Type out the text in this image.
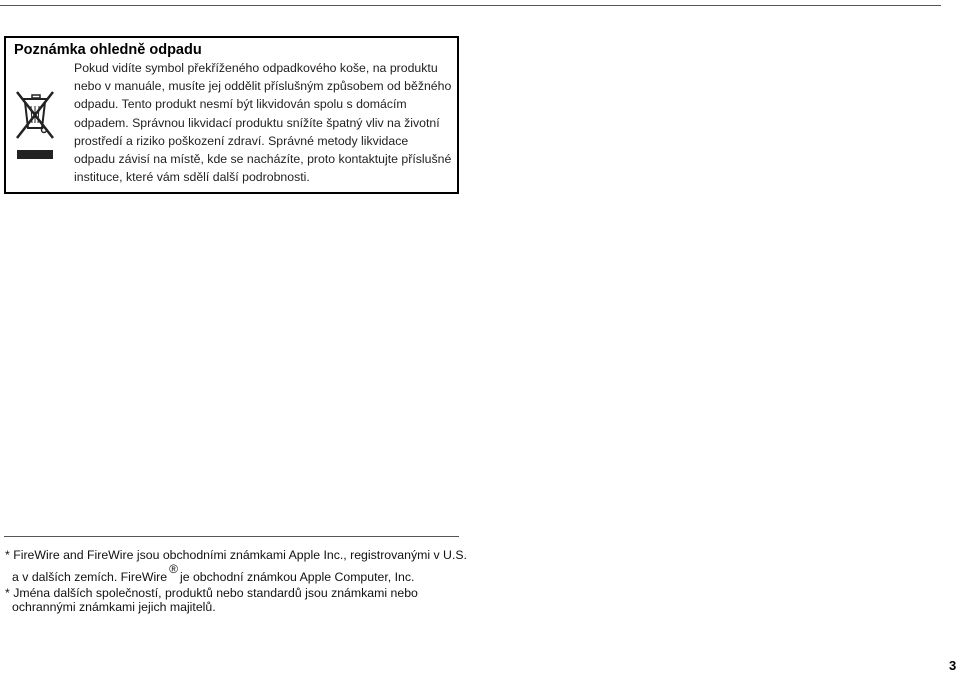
Poznámka ohledně odpadu
Pokud vidíte symbol překříženého odpadkového koše, na produktu nebo v manuále, musíte jej oddělit příslušným způsobem od běžného odpadu. Tento produkt nesmí být likvidován spolu s domácím odpadem. Správnou likvidací produktu snížíte špatný vliv na životní prostředí a riziko poškození zdraví. Správné metody likvidace odpadu závisí na místě, kde se nacházíte, proto kontaktujte příslušné instituce, které vám sdělí další podrobnosti.
* FireWire and FireWire jsou obchodními známkami Apple Inc., registrovanými v U.S.
a v dalších zemích. FireWire®je obchodní známkou Apple Computer, Inc.
* Jména dalších společností, produktů nebo standardů jsou známkami nebo
ochrannými známkami jejich majitelů.
3
